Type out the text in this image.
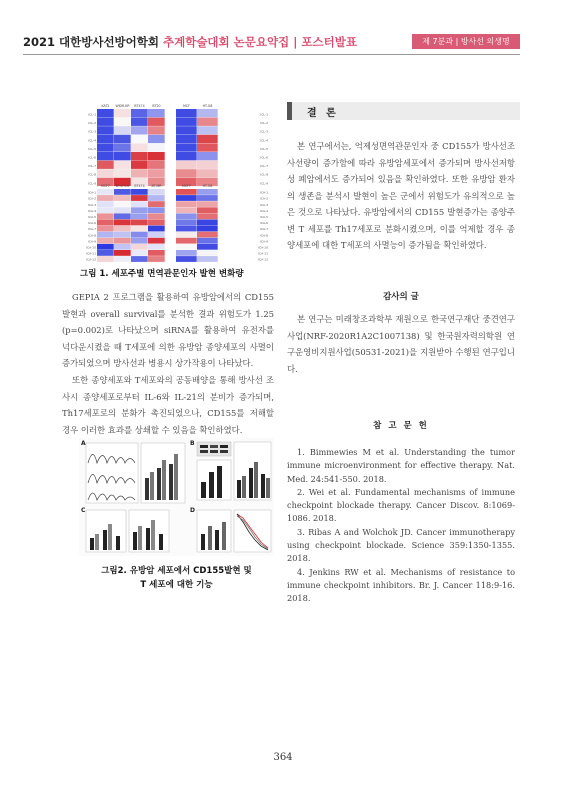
2021 대한방사선방어학회 추계학술대회 논문요약집 | 포스터발표	제 7분과 | 방사선 의생명
ICL-1
ICL-2
ICL-3
ICL-4
ICL-5
ICL-6
ICL-7
ICL-8
ICL-9
KAT2 WIDR-KR BT474 BT20	MCF	HT-G8
ICA-1
ICA-2
ICA-3
ICA-4
ICA-5
ICA-6
ICA-7
ICA-8
ICA-9
ICA-10
ICA-11
ICA-12
MCF7 BT474-K BT474 BT-MR	MCF7	HT-G8
ICA-1
ICA-2
ICA-3
ICA-4
ICA-5
ICA-6
ICA-7
ICA-8
ICA-9
ICA-10
ICA-11
ICA-12
ICL-1
ICL-2
ICL-3
ICL-4
ICL-5
ICL-6
ICL-7
ICL-8
ICL-9
그림 1. 세포주별 면역관문인자 발현 변화량
GEPIA 2 프로그램을 활용하여 유방암에서의 CD155 발현과 overall survival를 분석한 결과 위험도가 1.25 (p=0.002)로 나타났으며 siRNA를 활용하여 유전자를 넉다운시켰을 때 T세포에 의한 유방암 종양세포의 사멸이 증가되었으며 방사선과 병용시 상가작용이 나타났다.
또한 종양세포와 T세포와의 공동배양을 통해 방사선 조사시 종양세포로부터 IL-6와 IL-21의 분비가 증가되며, Th17세포로의 분화가 촉진되었으나, CD155를 저해할 경우 이러한 효과를 상쇄할 수 있음을 확인하였다.
A	B
C	D
그림2. 유방암 세포에서 CD155발현 및
T 세포에 대한 기능
결 론
본 연구에서는, 억제성면역관문인자 중 CD155가 방사선조사선량이 증가함에 따라 유방암세포에서 증가되며 방사선저항성 폐암에서도 증가되어 있음을 확인하였다. 또한 유방암 환자의 생존을 분석시 발현이 높은 군에서 위험도가 유의적으로 높은 것으로 나타났다. 유방암에서의 CD155 발현증가는 종양주변 T 세포를 Th17세포로 분화시켰으며, 이를 억제할 경우 종양세포에 대한 T세포의 사멸능이 증가됨을 확인하였다.
감사의 글
본 연구는 미래창조과학부 재원으로 한국연구재단 중견연구사업(NRF-2020R1A2C1007138) 및 한국원자력의학원 연구운영비지원사업(50531-2021)을 지원받아 수행된 연구입니다.
참 고 문 헌
1. Bimmewies M et al. Understanding the tumor immune microenvironment for effective therapy. Nat. Med. 24:541-550. 2018.
2. Wei et al. Fundamental mechanisms of immune checkpoint blockade therapy. Cancer Discov. 8:1069-1086. 2018.
3. Ribas A and Wolchok JD. Cancer immunotherapy using checkpoint blockade. Science 359:1350-1355. 2018.
4. Jenkins RW et al. Mechanisms of resistance to immune checkpoint inhibitors. Br. J. Cancer 118:9-16. 2018.
364
